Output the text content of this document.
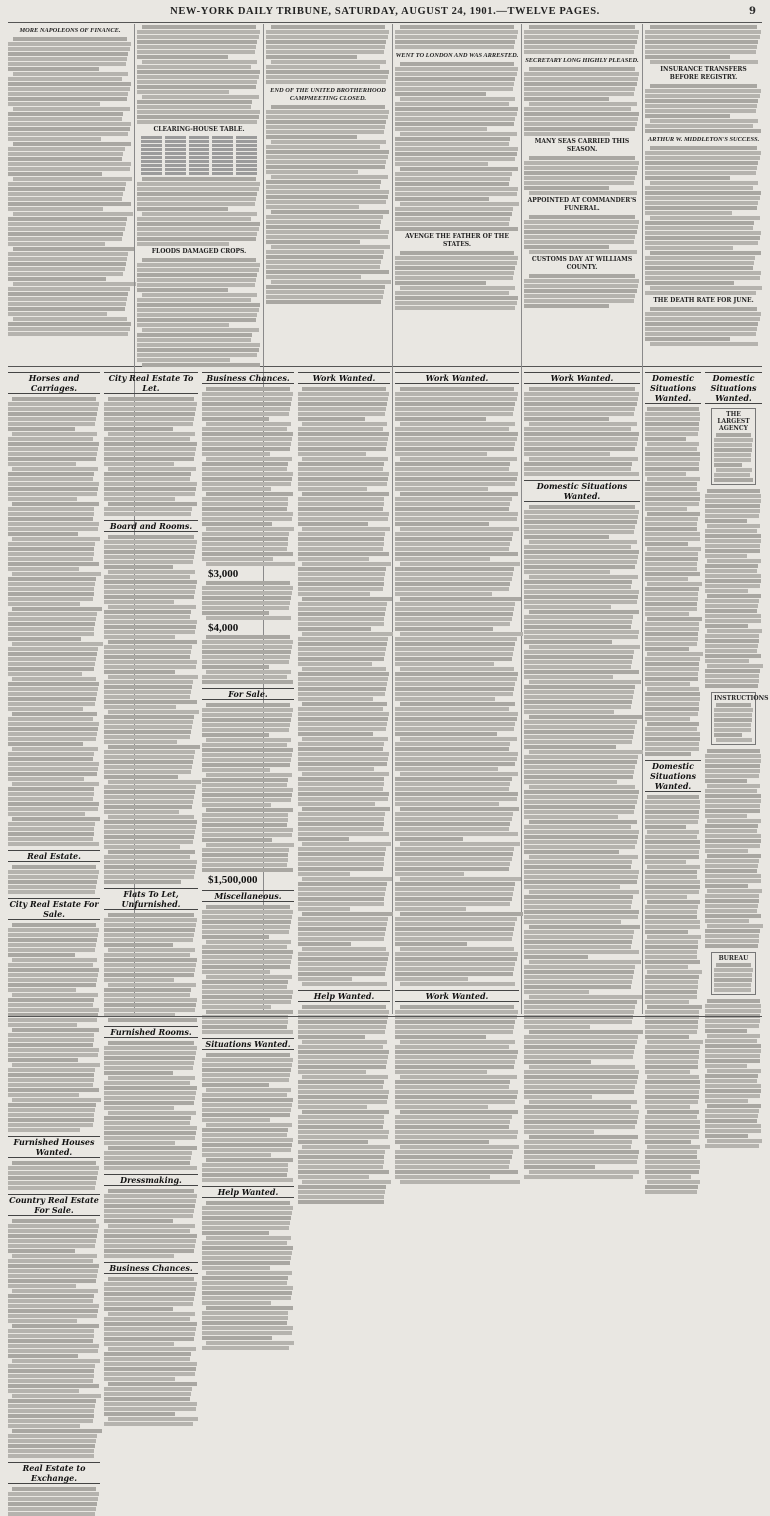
NEW-YORK DAILY TRIBUNE, SATURDAY, AUGUST 24, 1901.—TWELVE PAGES.	9
MORE NAPOLEONS OF FINANCE.
CLEARING-HOUSE TABLE.
FLOODS DAMAGED CROPS.
END OF THE UNITED BROTHERHOOD CAMPMEETING CLOSED.
WENT TO LONDON AND WAS ARRESTED.
AVENGE THE FATHER OF THE STATES.
SECRETARY LONG HIGHLY PLEASED.
MANY SEAS CARRIED THIS SEASON.
APPOINTED AT COMMANDER'S FUNERAL.
CUSTOMS DAY AT WILLIAMS COUNTY.
INSURANCE TRANSFERS BEFORE REGISTRY.
ARTHUR W. MIDDLETON'S SUCCESS.
THE DEATH RATE FOR JUNE.
Horses and Carriages.
Real Estate.
City Real Estate For Sale.
Furnished Houses Wanted.
Country Real Estate For Sale.
Real Estate to Exchange.
City Real Estate To Let.
Board and Rooms.
Flats To Let, Unfurnished.
Furnished Rooms.
Dressmaking.
Business Chances.
Business Chances.
$3,000
$4,000
For Sale.
$1,500,000
Miscellaneous.
Situations Wanted.
Help Wanted.
Work Wanted.
Help Wanted.
Work Wanted.
Work Wanted.
Work Wanted.
Domestic Situations Wanted.
Domestic Situations Wanted.
Domestic Situations Wanted.
Domestic Situations Wanted.
THE LARGEST AGENCY
INSTRUCTIONS
BUREAU
